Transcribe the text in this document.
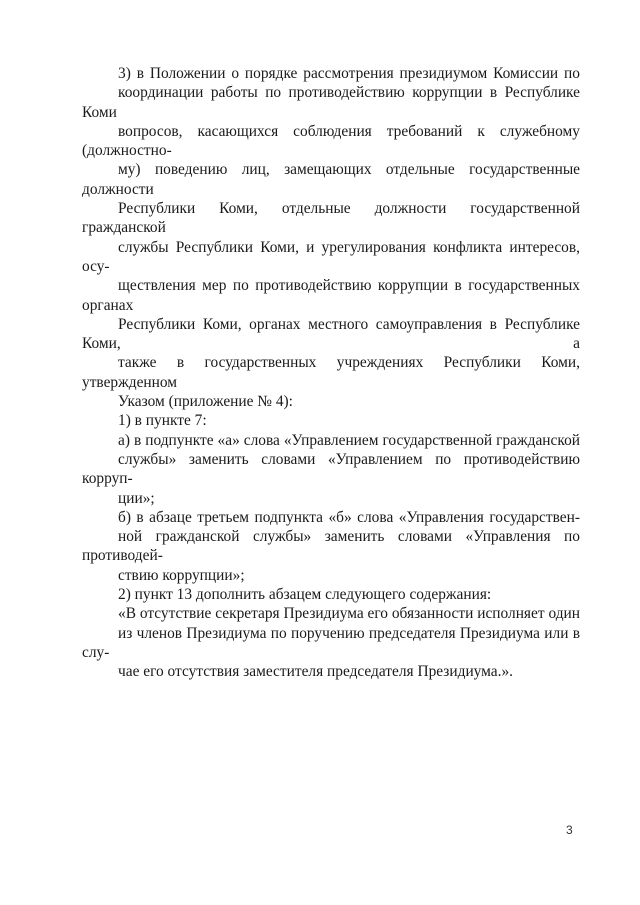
3) в Положении о порядке рассмотрения президиумом Комиссии по
координации работы по противодействию коррупции в Республике Коми
вопросов, касающихся соблюдения требований к служебному (должностно-
му) поведению лиц, замещающих отдельные государственные должности
Республики Коми, отдельные должности государственной гражданской
службы Республики Коми, и урегулирования конфликта интересов, осу-
ществления мер по противодействию коррупции в государственных органах
Республики Коми, органах местного самоуправления в Республике Коми, а
также в государственных учреждениях Республики Коми, утвержденном
Указом (приложение № 4):

1) в пункте 7:

а) в подпункте «а» слова «Управлением государственной гражданской
службы» заменить словами «Управлением по противодействию корруп-
ции»;

б) в абзаце третьем подпункта «б» слова «Управления государствен-
ной гражданской службы» заменить словами «Управления по противодей-
ствию коррупции»;

2) пункт 13 дополнить абзацем следующего содержания:

«В отсутствие секретаря Президиума его обязанности исполняет один
из членов Президиума по поручению председателя Президиума или в слу-
чае его отсутствия заместителя председателя Президиума.».

3
